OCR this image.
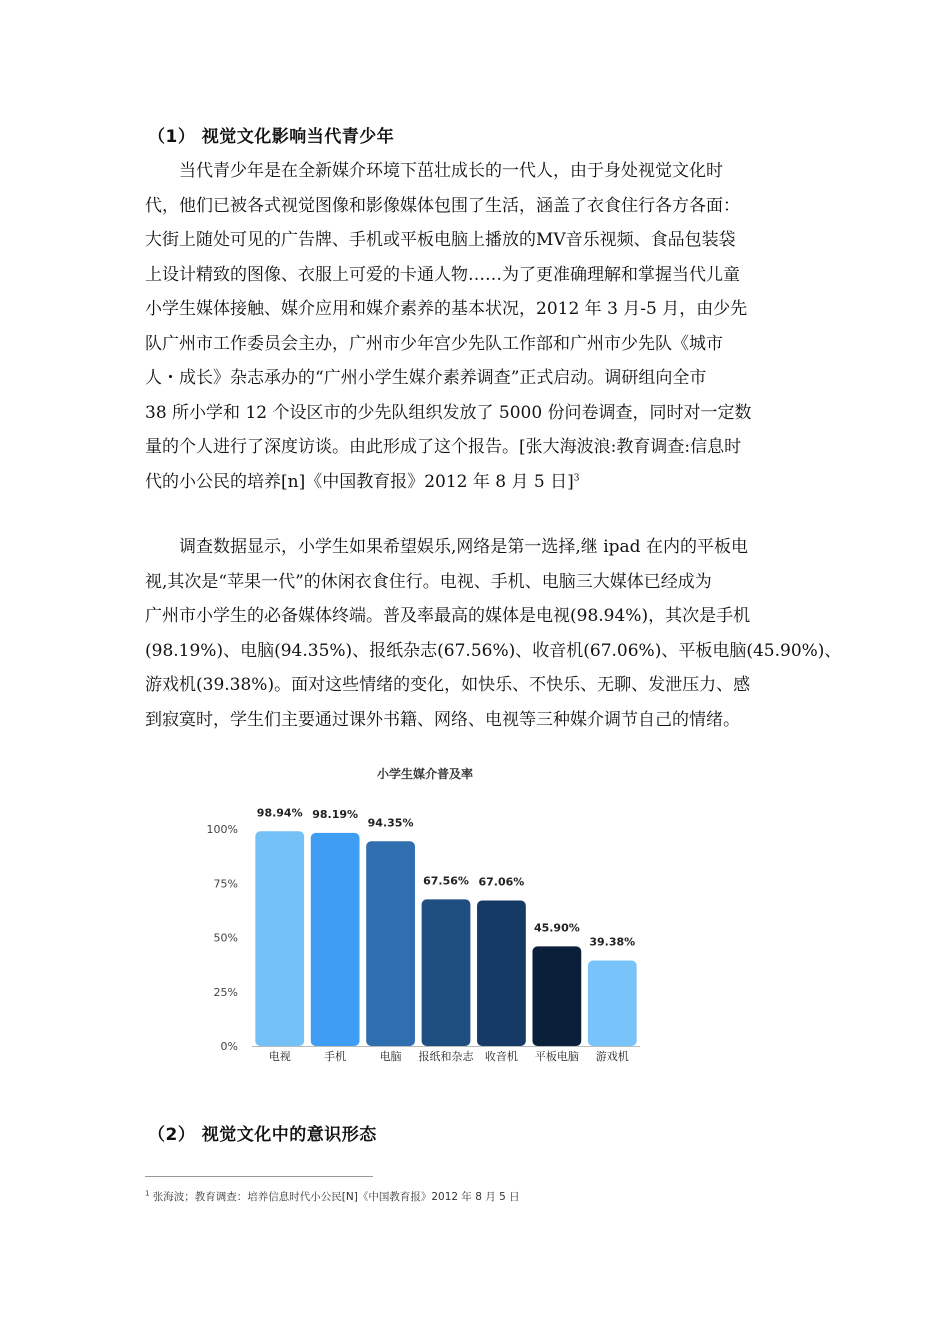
（1） 视觉文化影响当代青少年

当代青少年是在全新媒介环境下茁壮成长的一代人，由于身处视觉文化时
代，他们已被各式视觉图像和影像媒体包围了生活，涵盖了衣食住行各方各面：
大街上随处可见的广告牌、手机或平板电脑上播放的MV音乐视频、食品包装袋
上设计精致的图像、衣服上可爱的卡通人物……为了更准确理解和掌握当代儿童
小学生媒体接触、媒介应用和媒介素养的基本状况，2012 年 3 月-5 月，由少先
队广州市工作委员会主办，广州市少年宫少先队工作部和广州市少先队《城市
人・成长》杂志承办的“广州小学生媒介素养调查”正式启动。调研组向全市
38 所小学和 12 个设区市的少先队组织发放了 5000 份问卷调查，同时对一定数
量的个人进行了深度访谈。由此形成了这个报告。[张大海波浪:教育调查:信息时
代的小公民的培养[n]《中国教育报》2012 年 8 月 5 日]$^3$

调查数据显示，小学生如果希望娱乐,网络是第一选择,继 ipad 在内的平板电
视,其次是“苹果一代”的休闲衣食住行。电视、手机、电脑三大媒体已经成为
广州市小学生的必备媒体终端。普及率最高的媒体是电视(98.94%)，其次是手机
(98.19%)、电脑(94.35%)、报纸杂志(67.56%)、收音机(67.06%)、平板电脑(45.90%)、
游戏机(39.38%)。面对这些情绪的变化，如快乐、不快乐、无聊、发泄压力、感
到寂寞时，学生们主要通过课外书籍、网络、电视等三种媒介调节自己的情绪。

小学生媒介普及率
0%
25%
50%
75%
100%
98.94%
电视
98.19%
手机
94.35%
电脑
67.56%
报纸和杂志
67.06%
收音机
45.90%
平板电脑
39.38%
游戏机
（2） 视觉文化中的意识形态
$^1$ 张海波；教育调查：培养信息时代小公民[N]《中国教育报》2012 年 8 月 5 日
